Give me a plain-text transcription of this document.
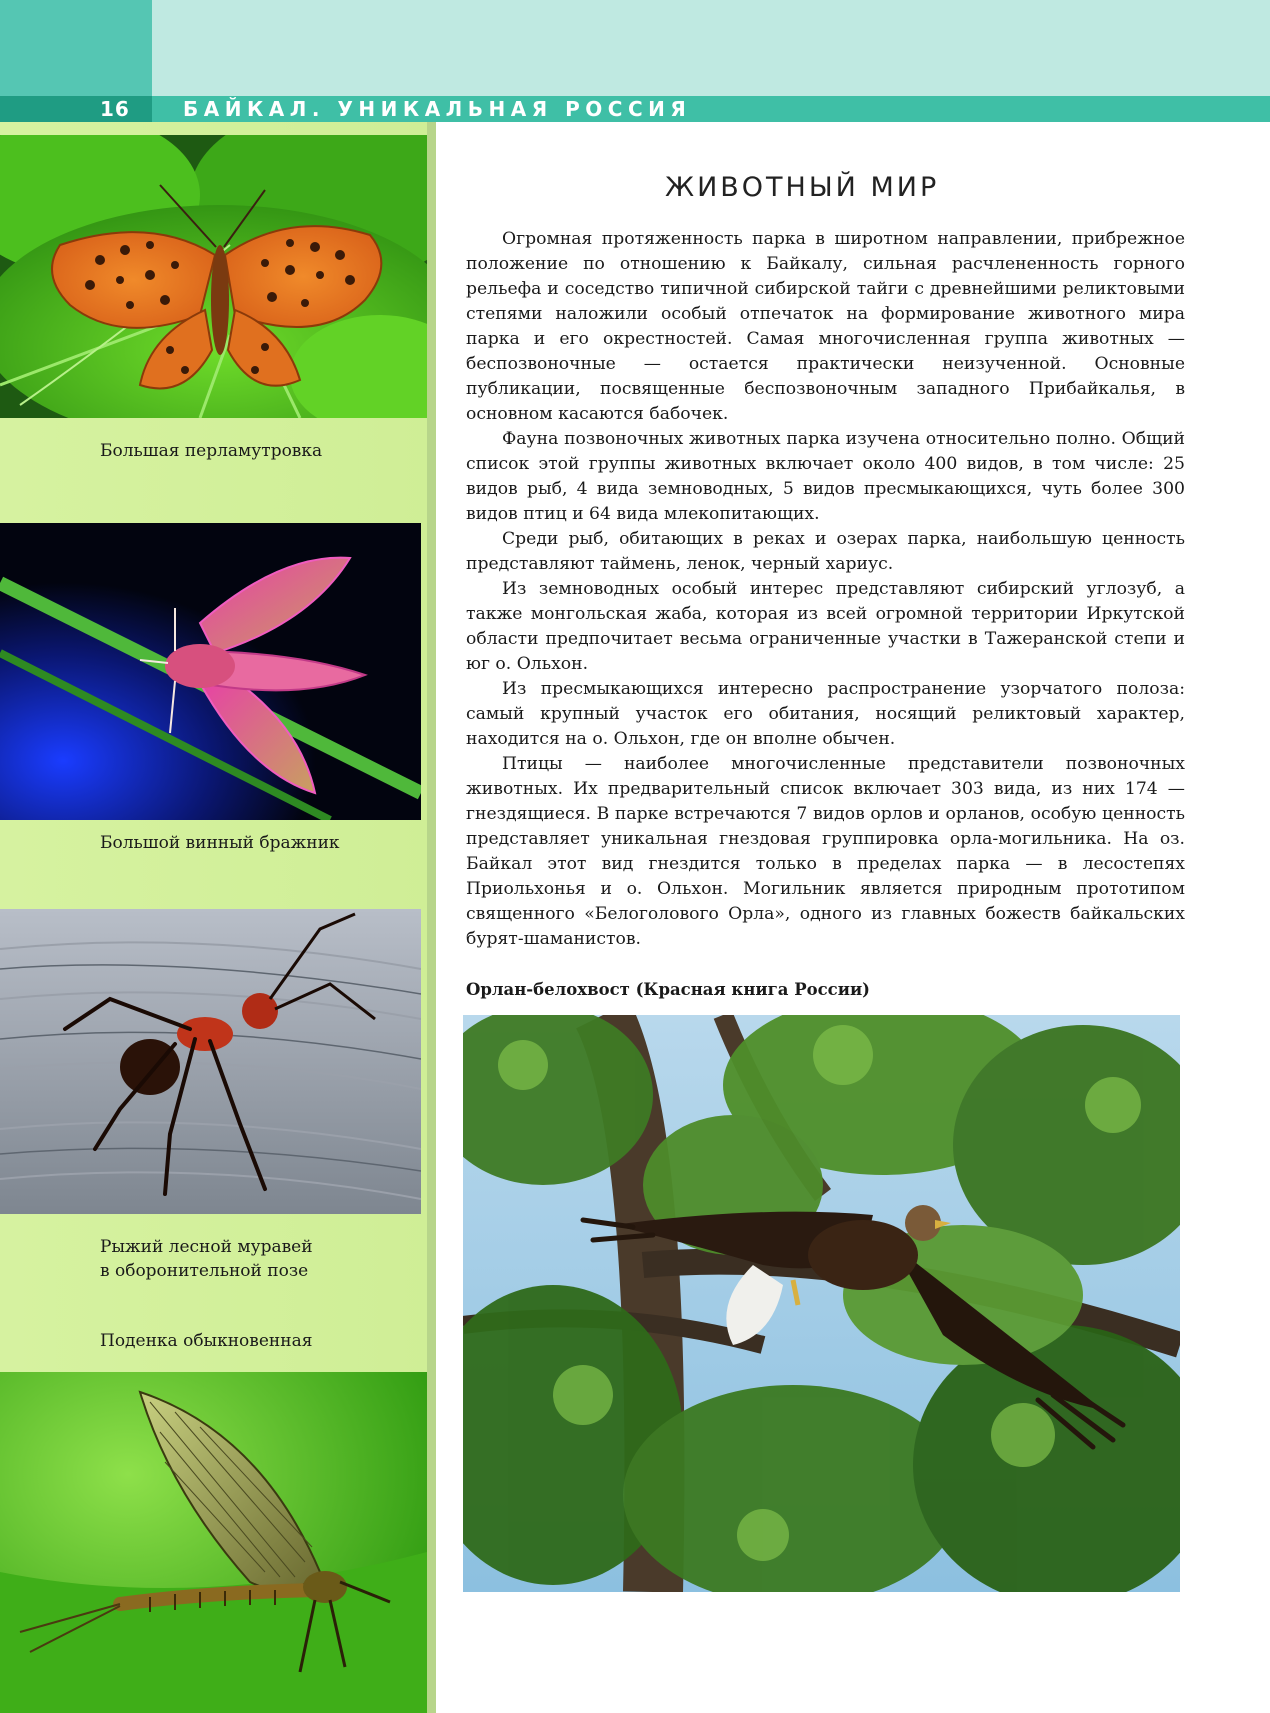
16	БАЙКАЛ. УНИКАЛЬНАЯ РОССИЯ
Большая перламутровка
Большой винный бражник
Рыжий лесной муравей
в оборонительной позе
Поденка обыкновенная
ЖИВОТНЫЙ МИР

Огромная протяженность парка в широтном направлении, прибрежное положение по отношению к Байкалу, сильная расчлененность горного рельефа и соседство типичной сибирской тайги с древнейшими реликтовыми степями наложили особый отпечаток на формирование животного мира парка и его окрестностей. Самая многочисленная группа животных — беспозвоночные — остается практически неизученной. Основные публикации, посвященные беспозвоночным западного Прибайкалья, в основном касаются бабочек.

Фауна позвоночных животных парка изучена относительно полно. Общий список этой группы животных включает около 400 видов, в том числе: 25 видов рыб, 4 вида земноводных, 5 видов пресмыкающихся, чуть более 300 видов птиц и 64 вида млекопитающих.

Среди рыб, обитающих в реках и озерах парка, наибольшую ценность представляют таймень, ленок, черный хариус.

Из земноводных особый интерес представляют сибирский углозуб, а также монгольская жаба, которая из всей огромной территории Иркутской области предпочитает весьма ограниченные участки в Тажеранской степи и юг о. Ольхон.

Из пресмыкающихся интересно распространение узорчатого полоза: самый крупный участок его обитания, носящий реликтовый характер, находится на о. Ольхон, где он вполне обычен.

Птицы — наиболее многочисленные представители позвоночных животных. Их предварительный список включает 303 вида, из них 174 — гнездящиеся. В парке встречаются 7 видов орлов и орланов, особую ценность представляет уникальная гнездовая группировка орла-могильника. На оз. Байкал этот вид гнездится только в пределах парка — в лесостепях Приольхонья и о. Ольхон. Могильник является природным прототипом священного «Белоголового Орла», одного из главных божеств байкальских бурят-шаманистов.

Орлан-белохвост (Красная книга России)
